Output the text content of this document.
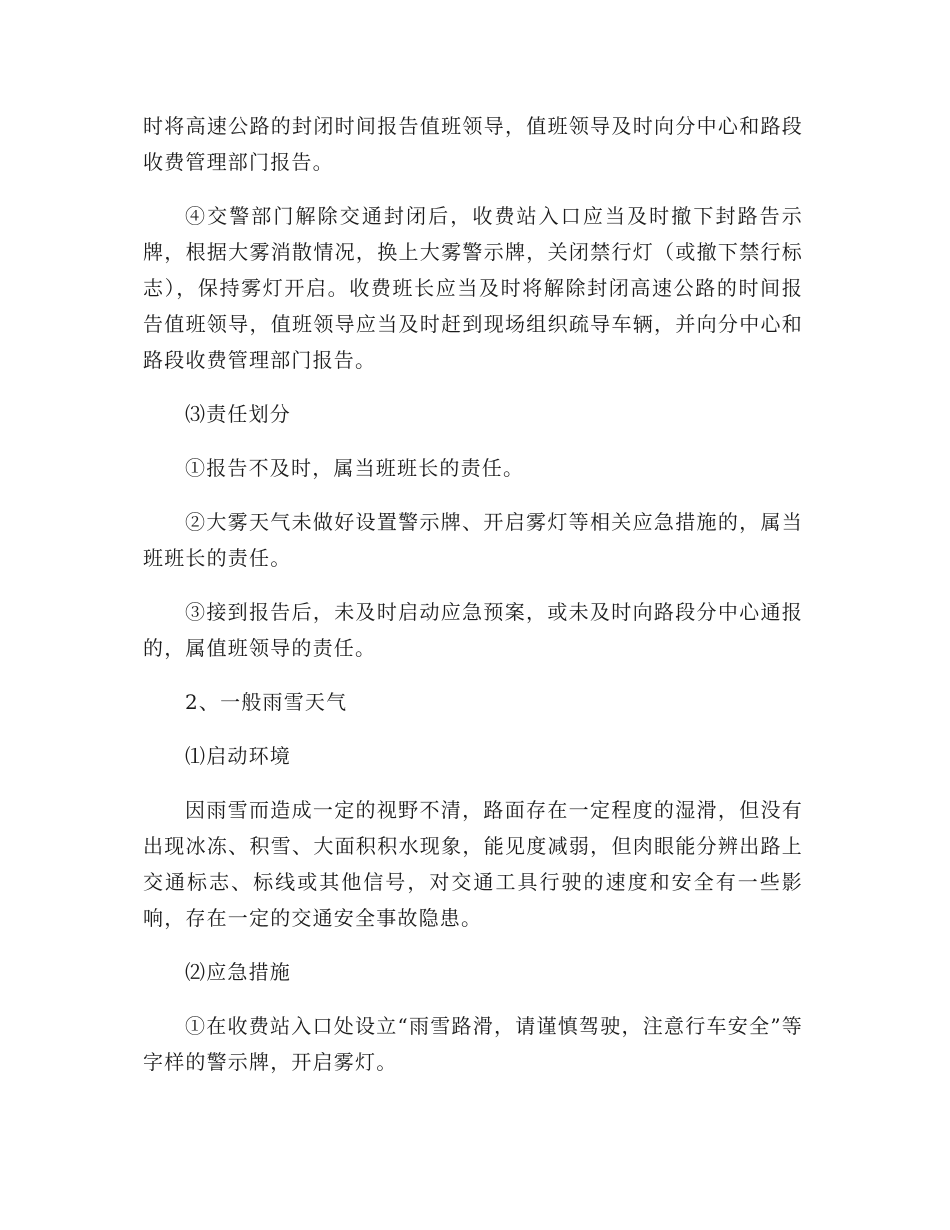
时将高速公路的封闭时间报告值班领导，值班领导及时向分中心和路段收费管理部门报告。

④交警部门解除交通封闭后，收费站入口应当及时撤下封路告示牌，根据大雾消散情况，换上大雾警示牌，关闭禁行灯（或撤下禁行标志），保持雾灯开启。收费班长应当及时将解除封闭高速公路的时间报告值班领导，值班领导应当及时赶到现场组织疏导车辆，并向分中心和路段收费管理部门报告。

⑶责任划分

①报告不及时，属当班班长的责任。

②大雾天气未做好设置警示牌、开启雾灯等相关应急措施的，属当班班长的责任。

③接到报告后，未及时启动应急预案，或未及时向路段分中心通报的，属值班领导的责任。

2、一般雨雪天气

⑴启动环境

因雨雪而造成一定的视野不清，路面存在一定程度的湿滑，但没有出现冰冻、积雪、大面积积水现象，能见度减弱，但肉眼能分辨出路上交通标志、标线或其他信号，对交通工具行驶的速度和安全有一些影响，存在一定的交通安全事故隐患。

⑵应急措施

①在收费站入口处设立“雨雪路滑，请谨慎驾驶，注意行车安全”等字样的警示牌，开启雾灯。
